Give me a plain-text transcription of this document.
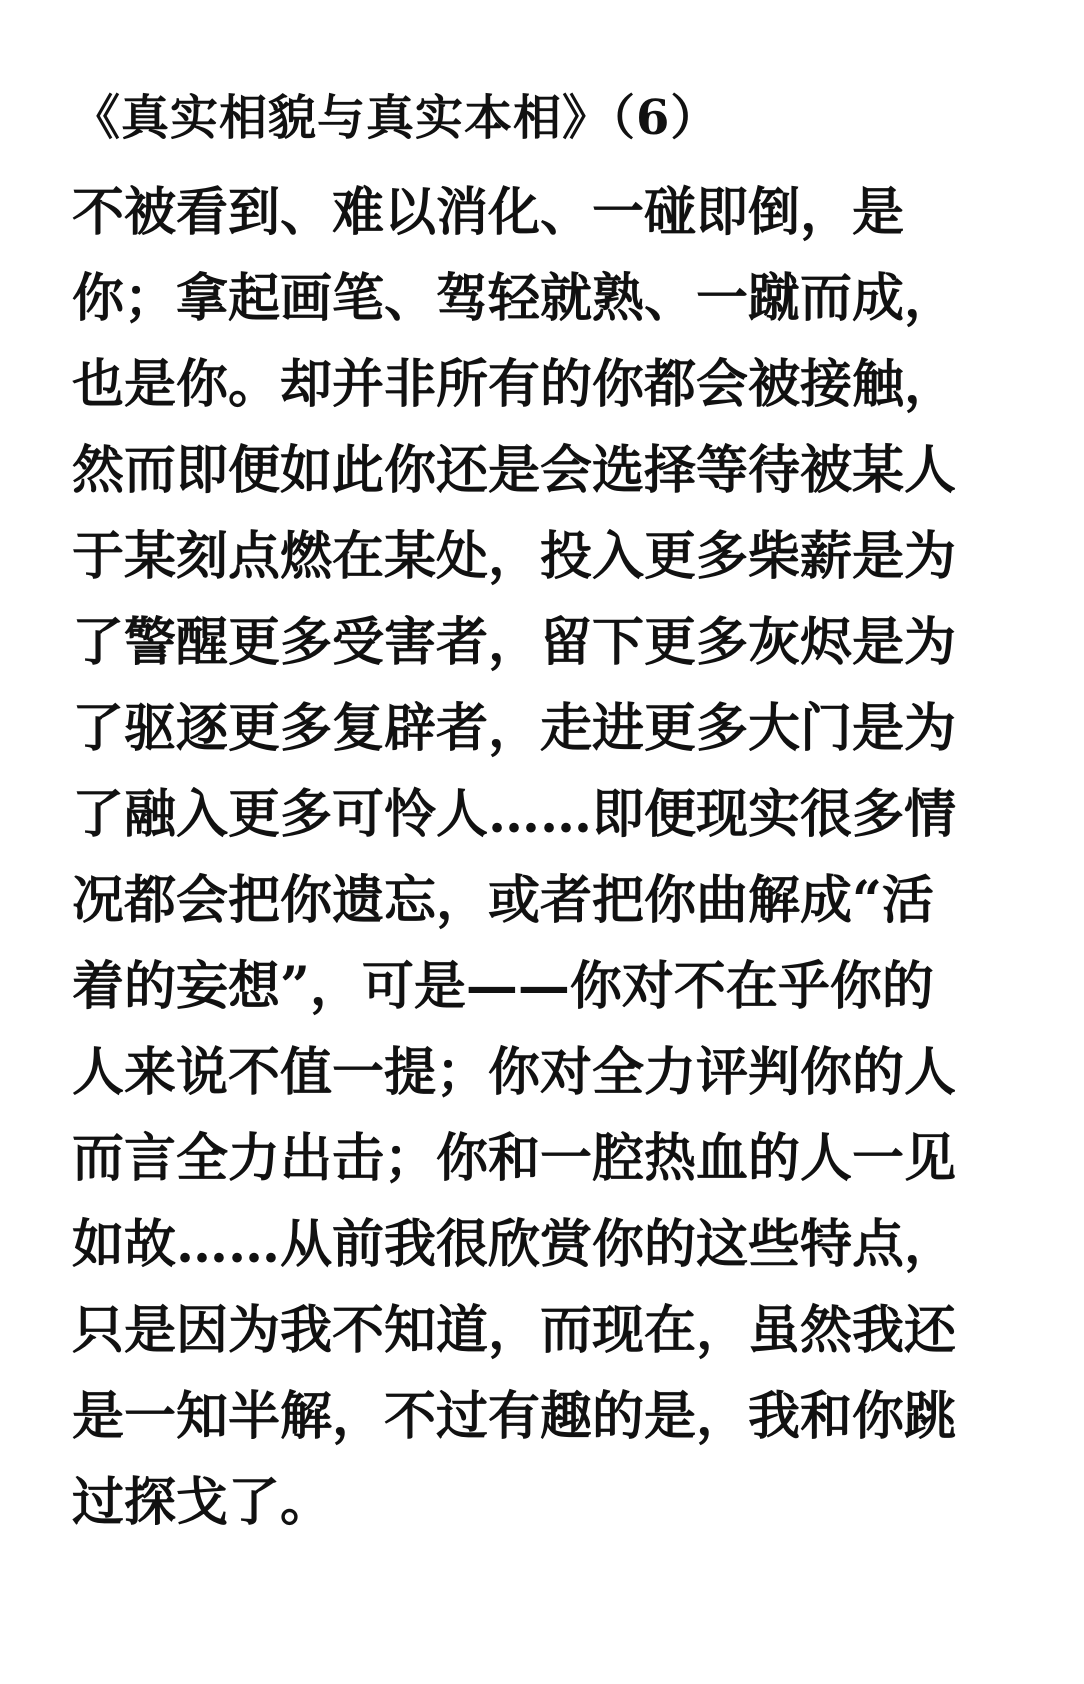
《真实相貌与真实本相》（6）
不被看到、难以消化、一碰即倒，是
你；拿起画笔、驾轻就熟、一蹴而成，
也是你。却并非所有的你都会被接触，
然而即便如此你还是会选择等待被某人
于某刻点燃在某处，投入更多柴薪是为
了警醒更多受害者，留下更多灰烬是为
了驱逐更多复辟者，走进更多大门是为
了融入更多可怜人……即便现实很多情
况都会把你遗忘，或者把你曲解成“活
着的妄想”，可是——你对不在乎你的
人来说不值一提；你对全力评判你的人
而言全力出击；你和一腔热血的人一见
如故……从前我很欣赏你的这些特点，
只是因为我不知道，而现在，虽然我还
是一知半解，不过有趣的是，我和你跳
过探戈了。
